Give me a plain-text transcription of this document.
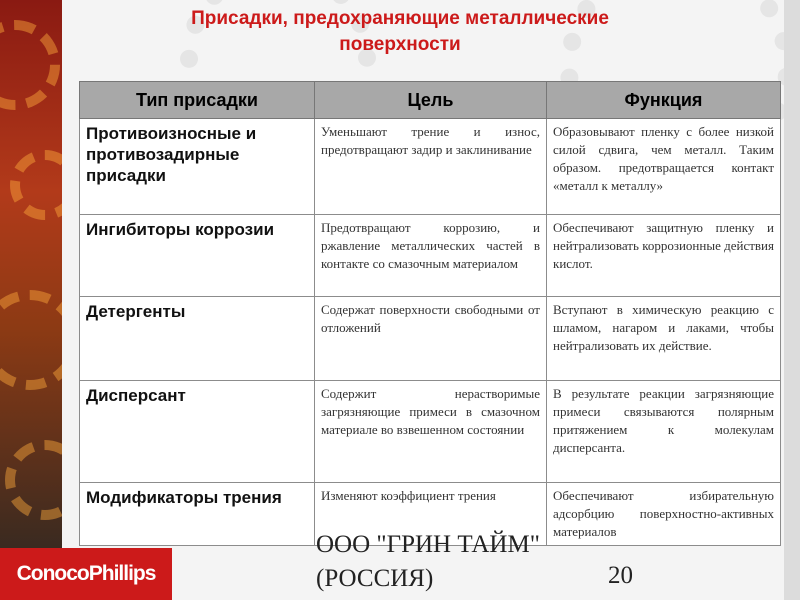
Присадки, предохраняющие металлические поверхности
Тип присадки	Цель	Функция
Противоизносные и противозадирные присадки	Уменьшают трение и износ, предотвращают задир и заклинивание	Образовывают пленку с более низкой силой сдвига, чем металл. Таким образом. предотвращается контакт «металл к металлу»
Ингибиторы коррозии	Предотвращают коррозию, и ржавление металлических частей в контакте со смазочным материалом	Обеспечивают защитную пленку и нейтрализовать коррозионные действия кислот.
Детергенты	Содержат поверхности свободными от отложений	Вступают в химическую реакцию с шламом, нагаром и лаками, чтобы нейтрализовать их действие.
Дисперсант	Содержит нерастворимые загрязняющие примеси в смазочном материале во взвешенном состоянии	В результате реакции загрязняющие примеси связываются полярным притяжением к молекулам дисперсанта.
Модификаторы трения	Изменяют коэффициент трения	Обеспечивают избирательную адсорбцию поверхностно-активных материалов
ConocoPhillips
ООО "ГРИН ТАЙМ" (РОССИЯ)	20
